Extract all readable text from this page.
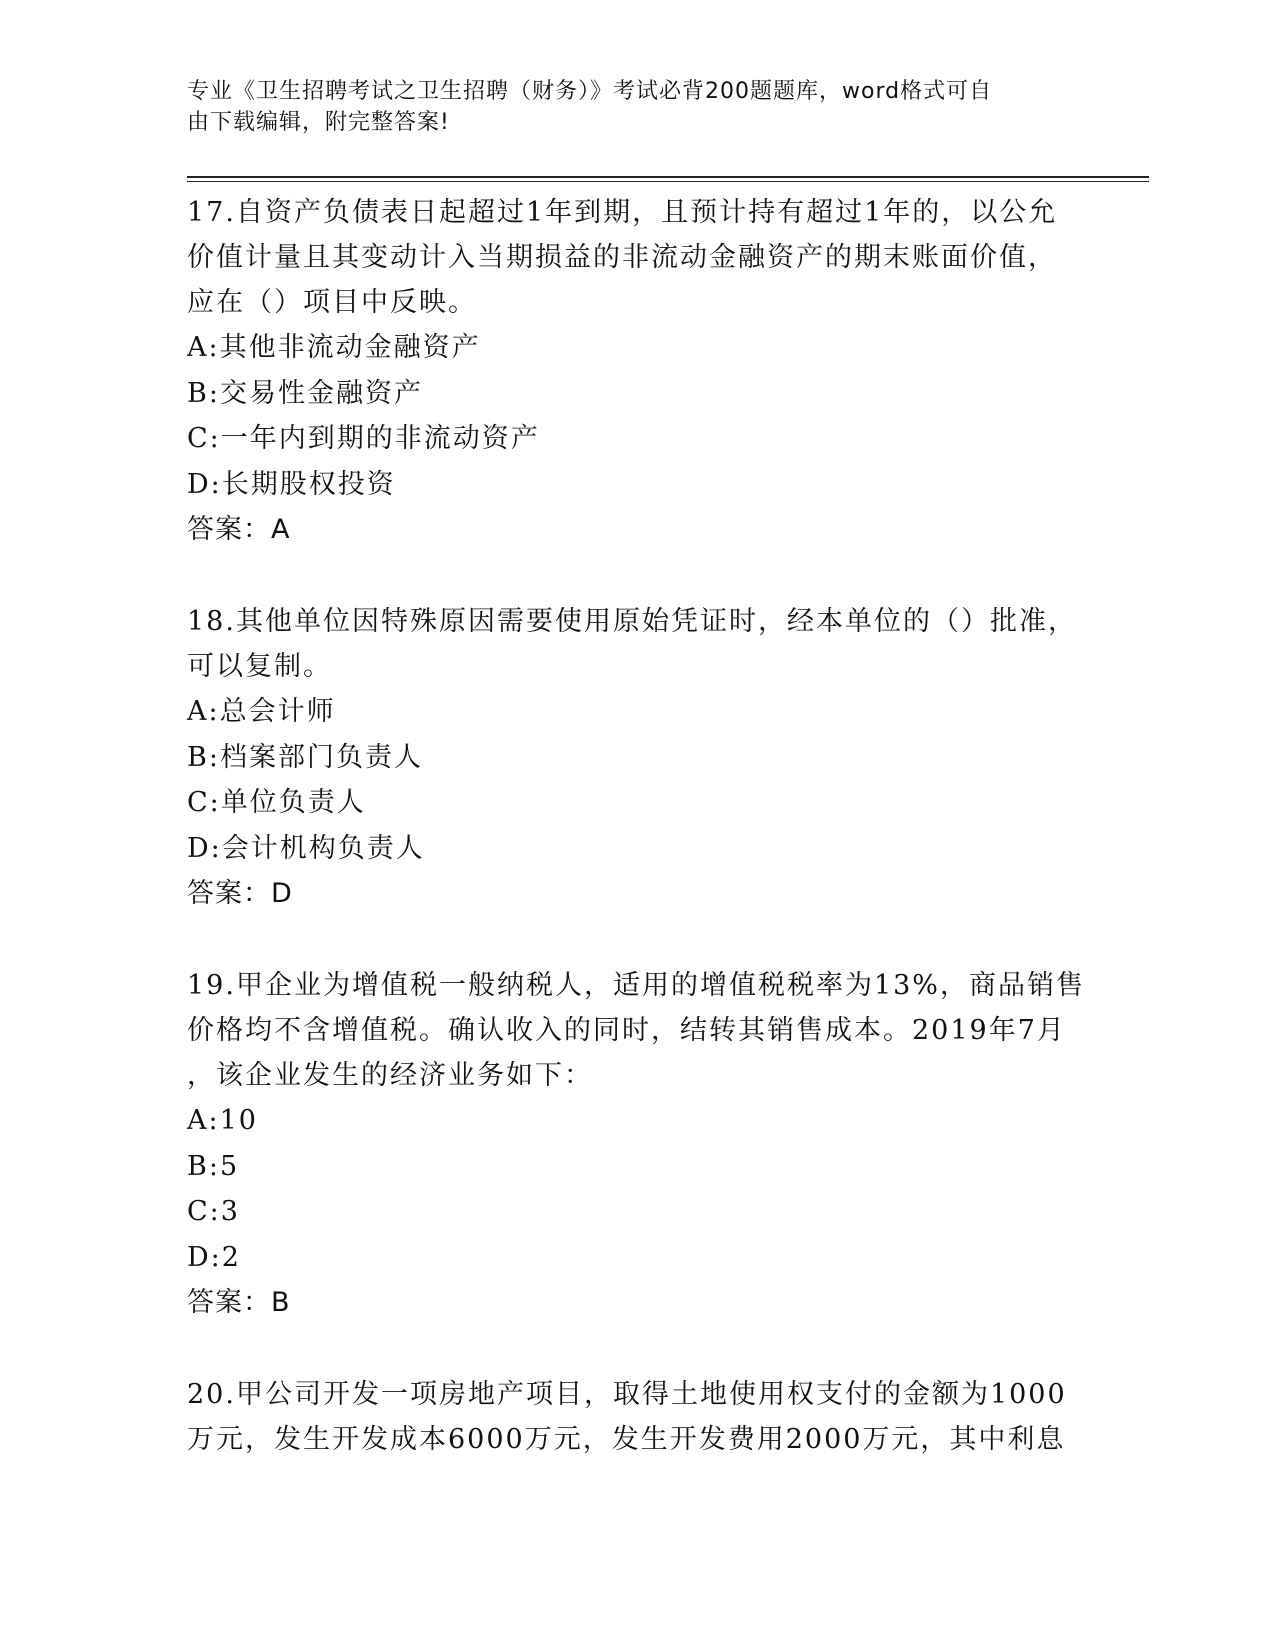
专业《卫生招聘考试之卫生招聘（财务）》考试必背200题题库，word格式可自
由下载编辑，附完整答案!
17.自资产负债表日起超过1年到期，且预计持有超过1年的，以公允
价值计量且其变动计入当期损益的非流动金融资产的期末账面价值，
应在（）项目中反映。
A:其他非流动金融资产
B:交易性金融资产
C:一年内到期的非流动资产
D:长期股权投资
答案：A
18.其他单位因特殊原因需要使用原始凭证时，经本单位的（）批准，
可以复制。
A:总会计师
B:档案部门负责人
C:单位负责人
D:会计机构负责人
答案：D
19.甲企业为增值税一般纳税人，适用的增值税税率为13%，商品销售
价格均不含增值税。确认收入的同时，结转其销售成本。2019年7月
，该企业发生的经济业务如下：
A:10
B:5
C:3
D:2
答案：B
20.甲公司开发一项房地产项目，取得土地使用权支付的金额为1000
万元，发生开发成本6000万元，发生开发费用2000万元，其中利息
